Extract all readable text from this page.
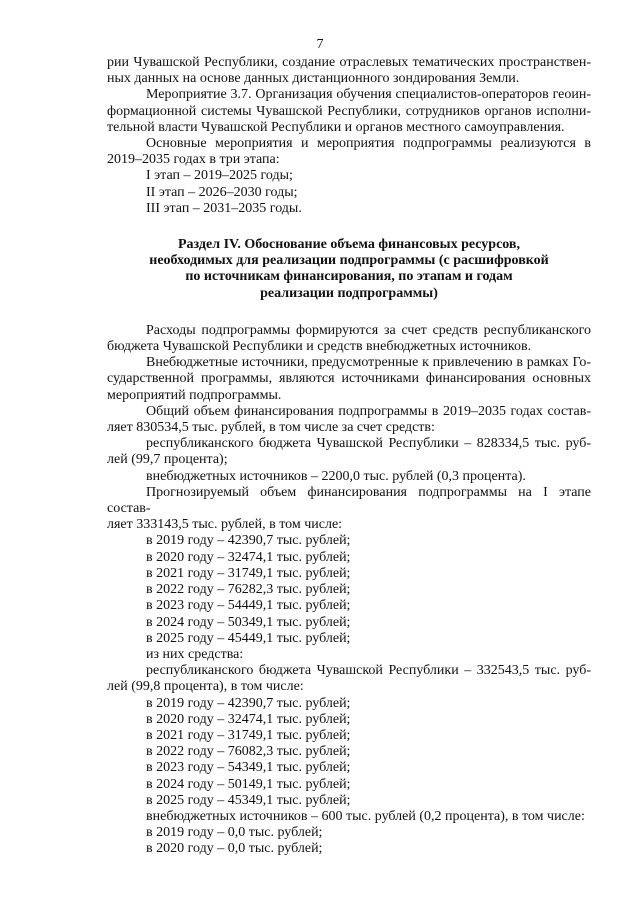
7

рии Чувашской Республики, создание отраслевых тематических пространствен-

ных данных на основе данных дистанционного зондирования Земли.

Мероприятие 3.7. Организация обучения специалистов-операторов геоин-

формационной системы Чувашской Республики, сотрудников органов исполни-

тельной власти Чувашской Республики и органов местного самоуправления.

Основные мероприятия и мероприятия подпрограммы реализуются в

2019–2035 годах в три этапа:

I этап – 2019–2025 годы;

II этап – 2026–2030 годы;

III этап – 2031–2035 годы.

Раздел IV. Обоснование объема финансовых ресурсов,
необходимых для реализации подпрограммы (с расшифровкой
по источникам финансирования, по этапам и годам
реализации подпрограммы)

Расходы подпрограммы формируются за счет средств республиканского

бюджета Чувашской Республики и средств внебюджетных источников.

Внебюджетные источники, предусмотренные к привлечению в рамках Го-

сударственной программы, являются источниками финансирования основных

мероприятий подпрограммы.

Общий объем финансирования подпрограммы в 2019–2035 годах состав-

ляет 830534,5 тыс. рублей, в том числе за счет средств:

республиканского бюджета Чувашской Республики – 828334,5 тыс. руб-

лей (99,7 процента);

внебюджетных источников – 2200,0 тыс. рублей (0,3 процента).

Прогнозируемый объем финансирования подпрограммы на I этапе состав-

ляет 333143,5 тыс. рублей, в том числе:

в 2019 году – 42390,7 тыс. рублей;

в 2020 году – 32474,1 тыс. рублей;

в 2021 году – 31749,1 тыс. рублей;

в 2022 году – 76282,3 тыс. рублей;

в 2023 году – 54449,1 тыс. рублей;

в 2024 году – 50349,1 тыс. рублей;

в 2025 году – 45449,1 тыс. рублей;

из них средства:

республиканского бюджета Чувашской Республики – 332543,5 тыс. руб-

лей (99,8 процента), в том числе:

в 2019 году – 42390,7 тыс. рублей;

в 2020 году – 32474,1 тыс. рублей;

в 2021 году – 31749,1 тыс. рублей;

в 2022 году – 76082,3 тыс. рублей;

в 2023 году – 54349,1 тыс. рублей;

в 2024 году – 50149,1 тыс. рублей;

в 2025 году – 45349,1 тыс. рублей;

внебюджетных источников – 600 тыс. рублей (0,2 процента), в том числе:

в 2019 году – 0,0 тыс. рублей;

в 2020 году – 0,0 тыс. рублей;
